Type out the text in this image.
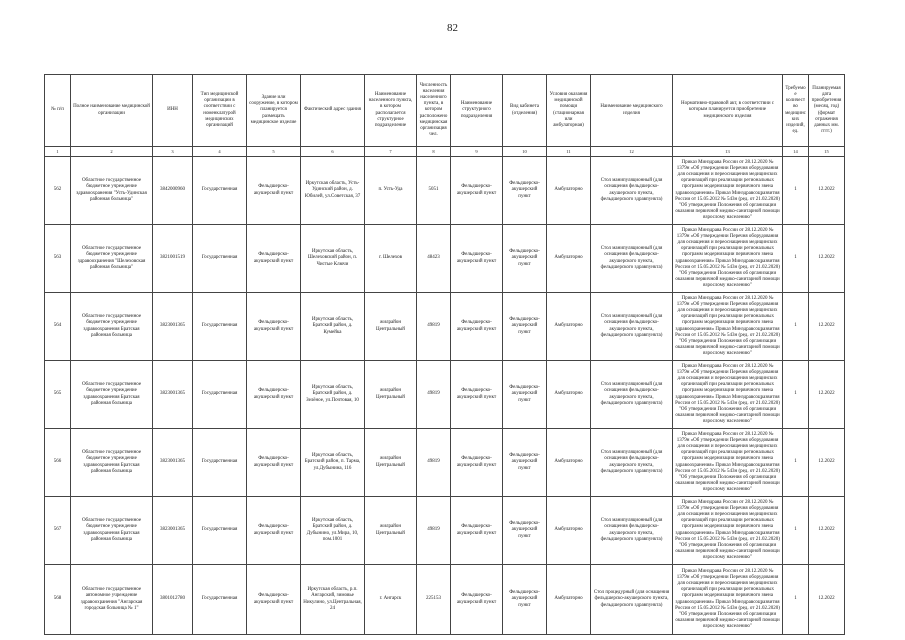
82
№ п/п	Полное наименование медицинской организации	ИНН	Тип медицинской организации в соответствии с номенклатурой медицинских организаций	Здание или сооружение, в котором планируется размещать медицинское изделие	Фактический адрес здания	Наименование населенного пункта, в котором располагается структурное подразделение	Численность населения населенного пункта, в котором расположено медицинская организация чел.	Наименование структурного подразделения	Вид кабинета (отделения)	Условия оказания медицинской помощи (стационарная или амбулаторная)	Наименование медицинского изделия	Нормативно-правовой акт, в соответствии с которым планируется приобретение медицинского изделия	Требуемое количество медицинских изделий, ед.	Планируемая дата приобретения (месяц, год) (формат отражения данных мм. гггг.)
1	2	3	4	5	6	7	8	9	10	11	12	13	14	15
562	Областное государственное бюджетное учреждение здравоохранения "Усть-Удинская районная больница"	3842000960	Государственная	Фельдшерско-акушерский пункт	Иркутская область, Усть-Удинский район, д. Юбилей, ул.Советская, 37	п. Усть-Уда	5051	Фельдшерско-акушерский пункт	Фельдшерско-акушерский пункт	Амбулаторно	Стол манипуляционный (для оснащения фельдшерско-акушерского пункта, фельдшерского здравпункта)	Приказ Минздрава России от 28.12.2020 № 1379н «Об утверждении Перечня оборудования для оснащения и переоснащения медицинских организаций при реализации региональных программ модернизации первичного звена здравоохранения» Приказ Минздравсоцразвития России от 15.05.2012 № 543н (ред. от 21.02.2020) "Об утверждении Положения об организации оказания первичной медико-санитарной помощи взрослому населению"	1	12.2022
563	Областное государственное бюджетное учреждение здравоохранения "Шелеховская районная больница"	3821001519	Государственная	Фельдшерско-акушерский пункт	Иркутская область, Шелеховский район, п. Чистые Ключи	г. Шелехов	48423	Фельдшерско-акушерский пункт	Фельдшерско-акушерский пункт	Амбулаторно	Стол манипуляционный (для оснащения фельдшерско-акушерского пункта, фельдшерского здравпункта)	Приказ Минздрава России от 28.12.2020 № 1379н «Об утверждении Перечня оборудования для оснащения и переоснащения медицинских организаций при реализации региональных программ модернизации первичного звена здравоохранения» Приказ Минздравсоцразвития России от 15.05.2012 № 543н (ред. от 21.02.2020) "Об утверждении Положения об организации оказания первичной медико-санитарной помощи взрослому населению"	1	12.2022
564	Областное государственное бюджетное учреждение здравоохранения Братская районная больница	3823001365	Государственная	Фельдшерско-акушерский пункт	Иркутская область, Братский район, д. Кумейка	жилрайон Центральный	49819	Фельдшерско-акушерский пункт	Фельдшерско-акушерский пункт	Амбулаторно	Стол манипуляционный (для оснащения фельдшерско-акушерского пункта, фельдшерского здравпункта)	Приказ Минздрава России от 28.12.2020 № 1379н «Об утверждении Перечня оборудования для оснащения и переоснащения медицинских организаций при реализации региональных программ модернизации первичного звена здравоохранения» Приказ Минздравсоцразвития России от 15.05.2012 № 543н (ред. от 21.02.2020) "Об утверждении Положения об организации оказания первичной медико-санитарной помощи взрослому населению"	1	12.2022
565	Областное государственное бюджетное учреждение здравоохранения Братская районная больница	3823001365	Государственная	Фельдшерско-акушерский пункт	Иркутская область, Братский район, д. Зелёное, ул.Почтовая, 10	жилрайон Центральный	49819	Фельдшерско-акушерский пункт	Фельдшерско-акушерский пункт	Амбулаторно	Стол манипуляционный (для оснащения фельдшерско-акушерского пункта, фельдшерского здравпункта)	Приказ Минздрава России от 28.12.2020 № 1379н «Об утверждении Перечня оборудования для оснащения и переоснащения медицинских организаций при реализации региональных программ модернизации первичного звена здравоохранения» Приказ Минздравсоцразвития России от 15.05.2012 № 543н (ред. от 21.02.2020) "Об утверждении Положения об организации оказания первичной медико-санитарной помощи взрослому населению"	1	12.2022
566	Областное государственное бюджетное учреждение здравоохранения Братская районная больница	3823001365	Государственная	Фельдшерско-акушерский пункт	Иркутская область, Братский район, п. Тарма, ул.Дубынина, 116	жилрайон Центральный	49819	Фельдшерско-акушерский пункт	Фельдшерско-акушерский пункт	Амбулаторно	Стол манипуляционный (для оснащения фельдшерско-акушерского пункта, фельдшерского здравпункта)	Приказ Минздрава России от 28.12.2020 № 1379н «Об утверждении Перечня оборудования для оснащения и переоснащения медицинских организаций при реализации региональных программ модернизации первичного звена здравоохранения» Приказ Минздравсоцразвития России от 15.05.2012 № 543н (ред. от 21.02.2020) "Об утверждении Положения об организации оказания первичной медико-санитарной помощи взрослому населению"	1	12.2022
567	Областное государственное бюджетное учреждение здравоохранения Братская районная больница	3823001365	Государственная	Фельдшерско-акушерский пункт	Иркутская область, Братский район, д. Дубынино, ул.Мира, 10, пом.1001	жилрайон Центральный	49819	Фельдшерско-акушерский пункт	Фельдшерско-акушерский пункт	Амбулаторно	Стол манипуляционный (для оснащения фельдшерско-акушерского пункта, фельдшерского здравпункта)	Приказ Минздрава России от 28.12.2020 № 1379н «Об утверждении Перечня оборудования для оснащения и переоснащения медицинских организаций при реализации региональных программ модернизации первичного звена здравоохранения» Приказ Минздравсоцразвития России от 15.05.2012 № 543н (ред. от 21.02.2020) "Об утверждении Положения об организации оказания первичной медико-санитарной помощи взрослому населению"	1	12.2022
568	Областное государственное автономное учреждение здравоохранения "Ангарская городская больница № 1"	3801012780	Государственная	Фельдшерско-акушерский пункт	Иркутская область, р.п. Ангарский, зимовье Никулино, ул.Центральная, 24	г. Ангарск	225153	Фельдшерско-акушерский пункт	Фельдшерско-акушерский пункт	Амбулаторно	Стол процедурный (для оснащения фельдшерско-акушерского пункта, фельдшерского здравпункта)	Приказ Минздрава России от 28.12.2020 № 1379н «Об утверждении Перечня оборудования для оснащения и переоснащения медицинских организаций при реализации региональных программ модернизации первичного звена здравоохранения» Приказ Минздравсоцразвития России от 15.05.2012 № 543н (ред. от 21.02.2020) "Об утверждении Положения об организации оказания первичной медико-санитарной помощи взрослому населению"	1	12.2022
